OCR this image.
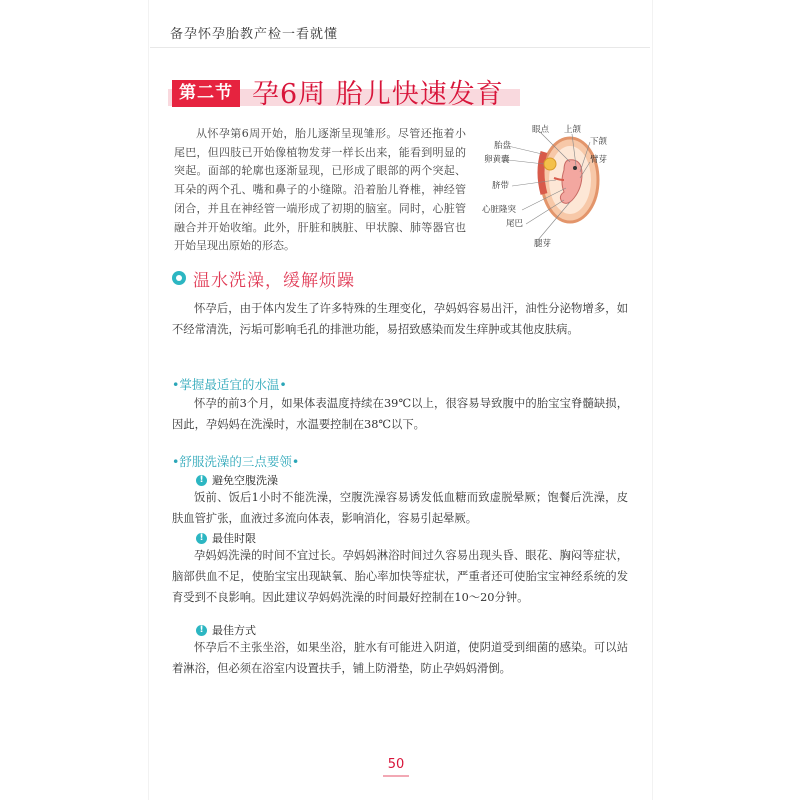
备孕怀孕胎教产检一看就懂
第二节 孕6周 胎儿快速发育

从怀孕第6周开始，胎儿逐渐呈现雏形。尽管还拖着小尾巴，但四肢已开始像植物发芽一样长出来，能看到明显的突起。面部的轮廓也逐渐显现，已形成了眼部的两个突起、耳朵的两个孔、嘴和鼻子的小缝隙。沿着胎儿脊椎，神经管闭合，并且在神经管一端形成了初期的脑室。同时，心脏管融合并开始收缩。此外，肝脏和胰脏、甲状腺、肺等器官也开始呈现出原始的形态。

眼点 上颌
下颌
胎盘
卵黄囊	臂芽
脐带
心脏隆突
尾巴
腿芽
温水洗澡，缓解烦躁

怀孕后，由于体内发生了许多特殊的生理变化，孕妈妈容易出汗，油性分泌物增多，如不经常清洗，污垢可影响毛孔的排泄功能，易招致感染而发生痒肿或其他皮肤病。

•掌握最适宜的水温•

怀孕的前3个月，如果体表温度持续在39℃以上，很容易导致腹中的胎宝宝脊髓缺损，因此，孕妈妈在洗澡时，水温要控制在38℃以下。

•舒服洗澡的三点要领•
! 避免空腹洗澡

饭前、饭后1小时不能洗澡，空腹洗澡容易诱发低血糖而致虚脱晕厥；饱餐后洗澡，皮肤血管扩张，血液过多流向体表，影响消化，容易引起晕厥。

! 最佳时限

孕妈妈洗澡的时间不宜过长。孕妈妈淋浴时间过久容易出现头昏、眼花、胸闷等症状，脑部供血不足，使胎宝宝出现缺氧、胎心率加快等症状，严重者还可使胎宝宝神经系统的发育受到不良影响。因此建议孕妈妈洗澡的时间最好控制在10～20分钟。

! 最佳方式

怀孕后不主张坐浴，如果坐浴，脏水有可能进入阴道，使阴道受到细菌的感染。可以站着淋浴，但必须在浴室内设置扶手，铺上防滑垫，防止孕妈妈滑倒。

50
